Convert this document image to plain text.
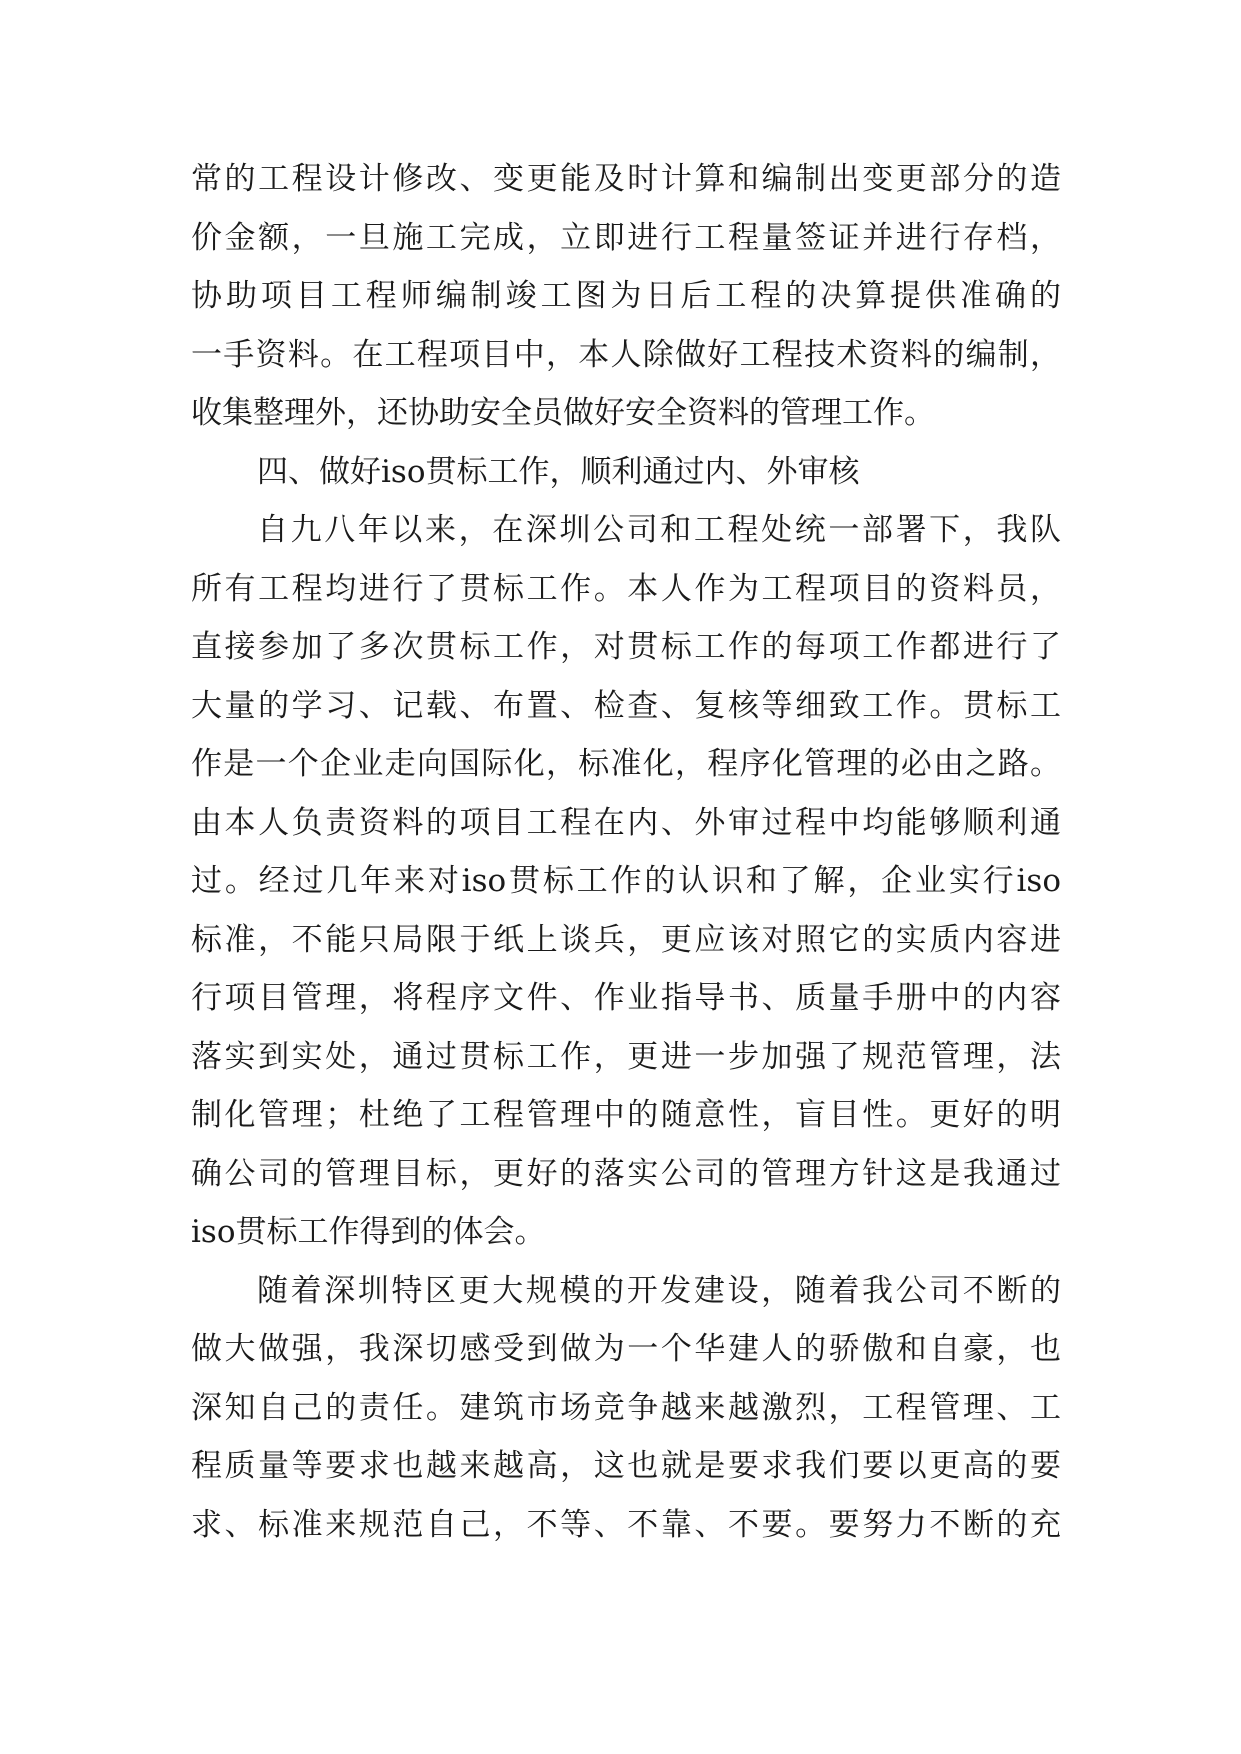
常的工程设计修改、变更能及时计算和编制出变更部分的造
价金额，一旦施工完成，立即进行工程量签证并进行存档，
协助项目工程师编制竣工图为日后工程的决算提供准确的
一手资料。在工程项目中，本人除做好工程技术资料的编制，
收集整理外，还协助安全员做好安全资料的管理工作。
四、做好iso贯标工作，顺利通过内、外审核
自九八年以来，在深圳公司和工程处统一部署下，我队
所有工程均进行了贯标工作。本人作为工程项目的资料员，
直接参加了多次贯标工作，对贯标工作的每项工作都进行了
大量的学习、记载、布置、检查、复核等细致工作。贯标工
作是一个企业走向国际化，标准化，程序化管理的必由之路。
由本人负责资料的项目工程在内、外审过程中均能够顺利通
过。经过几年来对iso贯标工作的认识和了解，企业实行iso
标准，不能只局限于纸上谈兵，更应该对照它的实质内容进
行项目管理，将程序文件、作业指导书、质量手册中的内容
落实到实处，通过贯标工作，更进一步加强了规范管理，法
制化管理；杜绝了工程管理中的随意性，盲目性。更好的明
确公司的管理目标，更好的落实公司的管理方针这是我通过
iso贯标工作得到的体会。
随着深圳特区更大规模的开发建设，随着我公司不断的
做大做强，我深切感受到做为一个华建人的骄傲和自豪，也
深知自己的责任。建筑市场竞争越来越激烈，工程管理、工
程质量等要求也越来越高，这也就是要求我们要以更高的要
求、标准来规范自己，不等、不靠、不要。要努力不断的充
